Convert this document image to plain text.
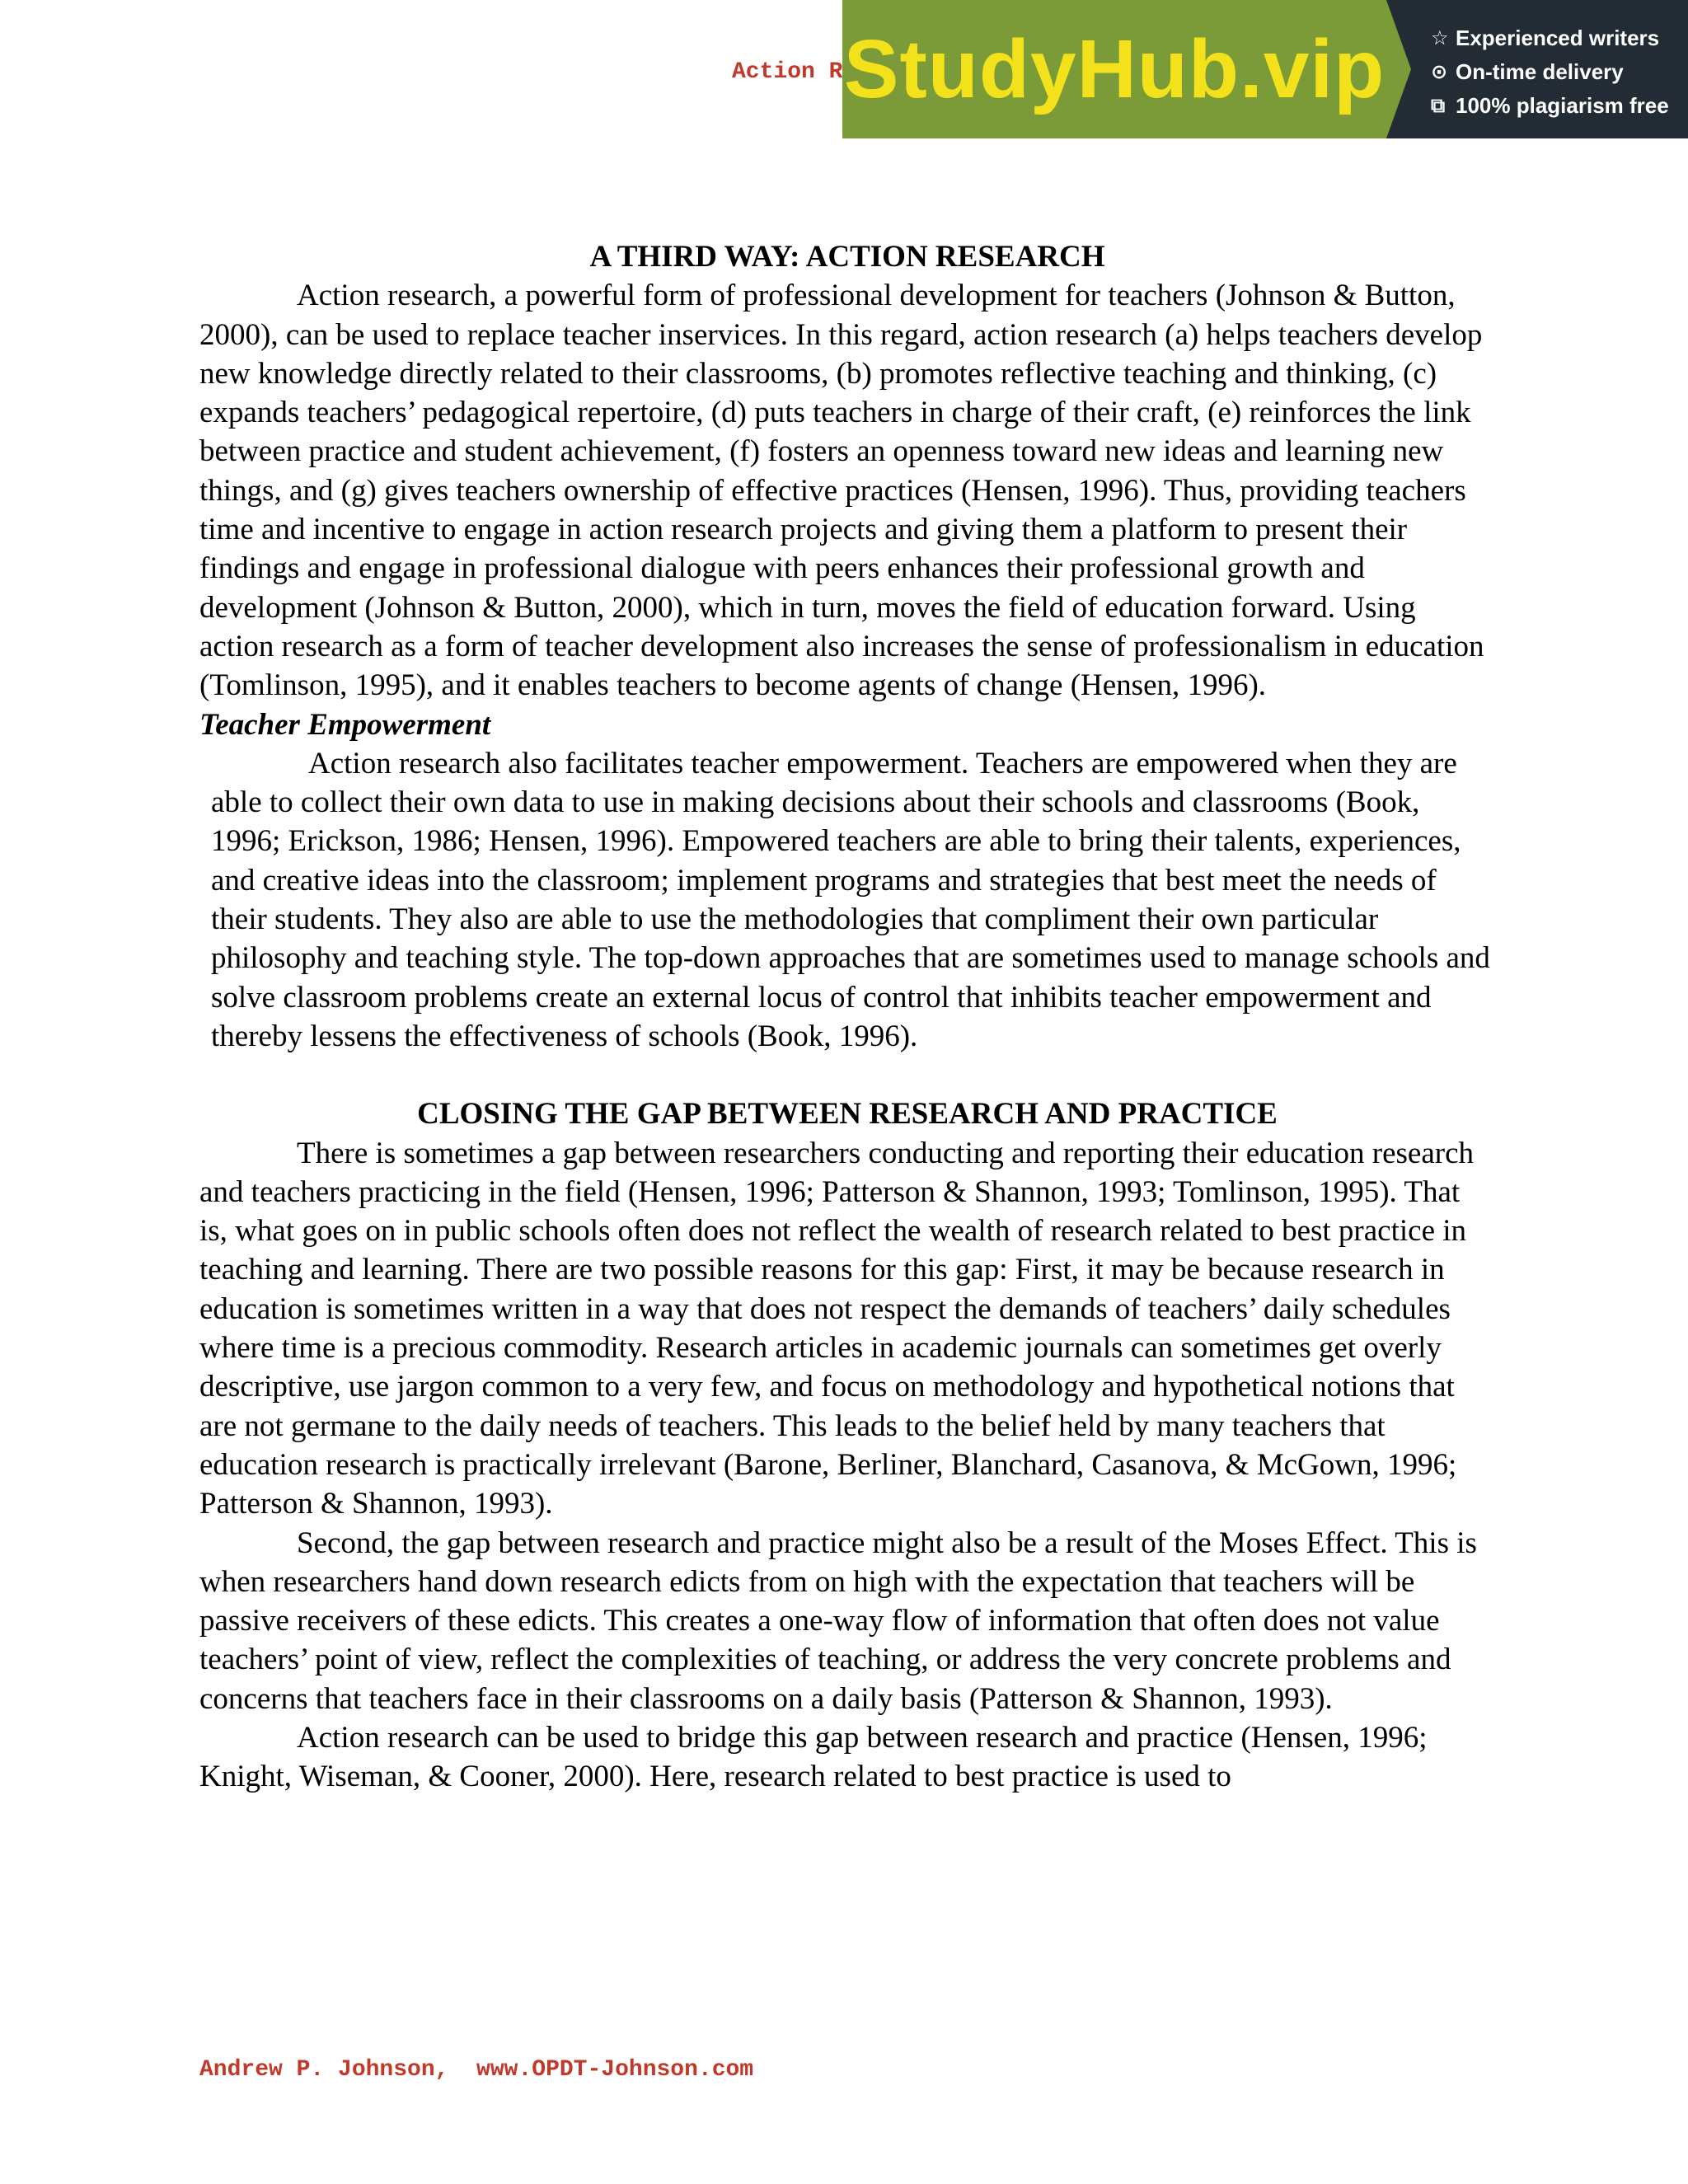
Action R StudyHub.vip ☆ Experienced writers
⊙ On-time delivery
⧉ 100% plagiarism free

A THIRD WAY: ACTION RESEARCH

Action research, a powerful form of professional development for teachers (Johnson & Button, 2000), can be used to replace teacher inservices. In this regard, action research (a) helps teachers develop new knowledge directly related to their classrooms, (b) promotes reflective teaching and thinking, (c) expands teachers’ pedagogical repertoire, (d) puts teachers in charge of their craft, (e) reinforces the link between practice and student achievement, (f) fosters an openness toward new ideas and learning new things, and (g) gives teachers ownership of effective practices (Hensen, 1996). Thus, providing teachers time and incentive to engage in action research projects and giving them a platform to present their findings and engage in professional dialogue with peers enhances their professional growth and development (Johnson & Button, 2000), which in turn, moves the field of education forward. Using action research as a form of teacher development also increases the sense of professionalism in education (Tomlinson, 1995), and it enables teachers to become agents of change (Hensen, 1996).

Teacher Empowerment

Action research also facilitates teacher empowerment. Teachers are empowered when they are able to collect their own data to use in making decisions about their schools and classrooms (Book, 1996; Erickson, 1986; Hensen, 1996). Empowered teachers are able to bring their talents, experiences, and creative ideas into the classroom; implement programs and strategies that best meet the needs of their students. They also are able to use the methodologies that compliment their own particular philosophy and teaching style. The top-down approaches that are sometimes used to manage schools and solve classroom problems create an external locus of control that inhibits teacher empowerment and thereby lessens the effectiveness of schools (Book, 1996).

CLOSING THE GAP BETWEEN RESEARCH AND PRACTICE

There is sometimes a gap between researchers conducting and reporting their education research and teachers practicing in the field (Hensen, 1996; Patterson & Shannon, 1993; Tomlinson, 1995). That is, what goes on in public schools often does not reflect the wealth of research related to best practice in teaching and learning. There are two possible reasons for this gap: First, it may be because research in education is sometimes written in a way that does not respect the demands of teachers’ daily schedules where time is a precious commodity. Research articles in academic journals can sometimes get overly descriptive, use jargon common to a very few, and focus on methodology and hypothetical notions that are not germane to the daily needs of teachers. This leads to the belief held by many teachers that education research is practically irrelevant (Barone, Berliner, Blanchard, Casanova, & McGown, 1996; Patterson & Shannon, 1993).

Second, the gap between research and practice might also be a result of the Moses Effect. This is when researchers hand down research edicts from on high with the expectation that teachers will be passive receivers of these edicts. This creates a one-way flow of information that often does not value teachers’ point of view, reflect the complexities of teaching, or address the very concrete problems and concerns that teachers face in their classrooms on a daily basis (Patterson & Shannon, 1993).

Action research can be used to bridge this gap between research and practice (Hensen, 1996; Knight, Wiseman, & Cooner, 2000). Here, research related to best practice is used to

Andrew P. Johnson,  www.OPDT-Johnson.com
